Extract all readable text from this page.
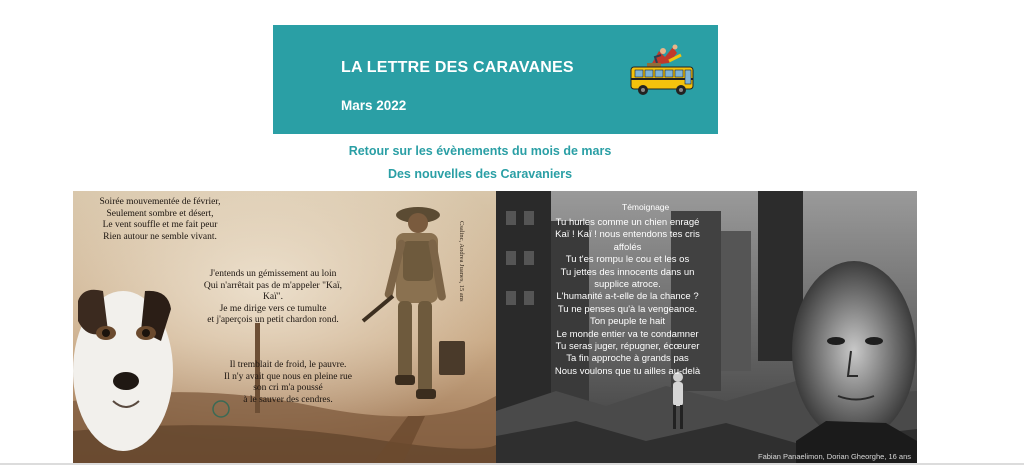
LA LETTRE DES CARAVANES
Mars 2022
Retour sur les évènements du mois de mars
Des nouvelles des Caravaniers
Soirée mouvementée de février,
Seulement sombre et désert,
Le vent souffle et me fait peur
Rien autour ne semble vivant.
J'entends un gémissement au loin
Qui n'arrêtait pas de m'appeler "Kaï,
Kaï".
Je me dirige vers ce tumulte
et j'aperçois un petit chardon rond.
Il tremblait de froid, le pauvre.
Il n'y avait que nous en pleine rue
son cri m'a poussé
à le sauver des cendres.
Csalinc, Andrea Juanes, 15 ans
Témoignage
Tu hurles comme un chien enragé
Kaï ! Kaï ! nous entendons tes cris
affolés
Tu t'es rompu le cou et les os
Tu jettes des innocents dans un
supplice atroce.
L'humanité a-t-elle de la chance ?
Tu ne penses qu'à la vengeance.
Ton peuple te hait
Le monde entier va te condamner
Tu seras juger, répugner, écœurer
Ta fin approche à grands pas
Nous voulons que tu ailles au-delà
Fabian Panaelimon, Dorian Gheorghe, 16 ans
